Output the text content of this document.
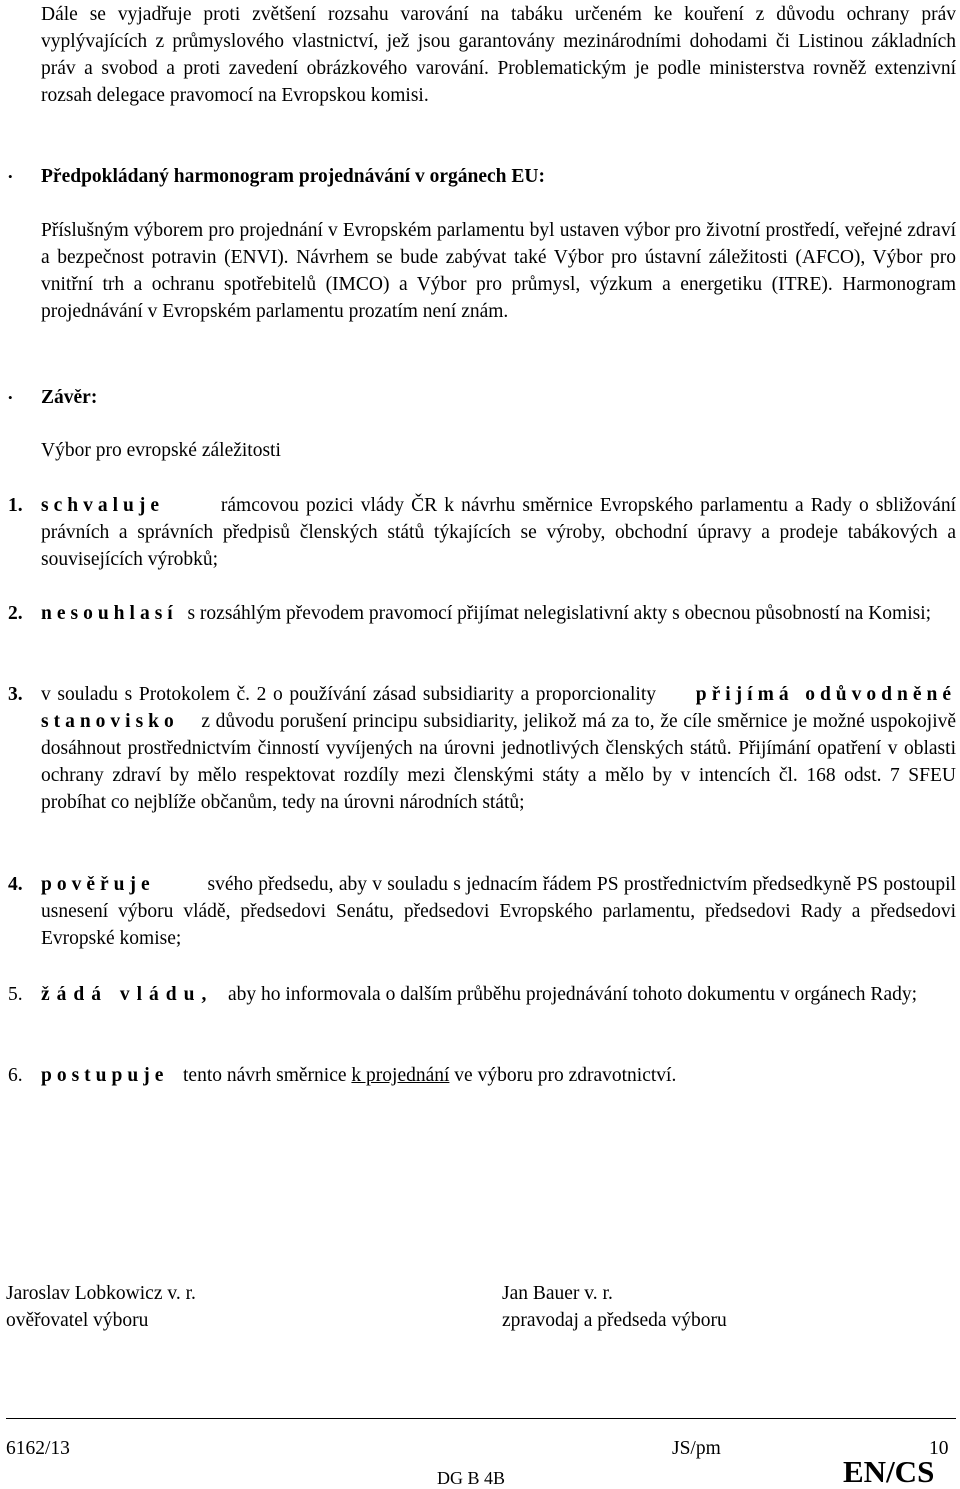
Dále se vyjadřuje proti zvětšení rozsahu varování na tabáku určeném ke kouření z důvodu ochrany práv vyplývajících z průmyslového vlastnictví, jež jsou garantovány mezinárodními dohodami či Listinou základních práv a svobod a proti zavedení obrázkového varování. Problematickým je podle ministerstva rovněž extenzivní rozsah delegace pravomocí na Evropskou komisi.
• Předpokládaný harmonogram projednávání v orgánech EU:
Příslušným výborem pro projednání v Evropském parlamentu byl ustaven výbor pro životní prostředí, veřejné zdraví a bezpečnost potravin (ENVI). Návrhem se bude zabývat také Výbor pro ústavní záležitosti (AFCO), Výbor pro vnitřní trh a ochranu spotřebitelů (IMCO) a Výbor pro průmysl, výzkum a energetiku (ITRE). Harmonogram projednávání v Evropském parlamentu prozatím není znám.
• Závěr:
Výbor pro evropské záležitosti
1. schvaluje	rámcovou pozici vlády ČR k návrhu směrnice Evropského parlamentu a Rady o sbližování právních a správních předpisů členských států týkajících se výroby, obchodní úpravy a prodeje tabákových a souvisejících výrobků;
2. nesouhlasí s rozsáhlým převodem pravomocí přijímat nelegislativní akty s obecnou působností na Komisi;
3. v souladu s Protokolem č. 2 o používání zásad subsidiarity a proporcionality přijímá odůvodněné stanovisko z důvodu porušení principu subsidiarity, jelikož má za to, že cíle směrnice je možné uspokojivě dosáhnout prostřednictvím činností vyvíjených na úrovni jednotlivých členských států. Přijímání opatření v oblasti ochrany zdraví by mělo respektovat rozdíly mezi členskými státy a mělo by v intencích čl. 168 odst. 7 SFEU probíhat co nejblíže občanům, tedy na úrovni národních států;
4. pověřuje	svého předsedu, aby v souladu s jednacím řádem PS prostřednictvím předsedkyně PS postoupil usnesení výboru vládě, předsedovi Senátu, předsedovi Evropského parlamentu, předsedovi Rady a předsedovi Evropské komise;
5. žádá vládu, aby ho informovala o dalším průběhu projednávání tohoto dokumentu v orgánech Rady;
6. postupuje tento návrh směrnice k projednání ve výboru pro zdravotnictví.
Jaroslav Lobkowicz v. r.
ověřovatel výboru
Jan Bauer v. r.
zpravodaj a předseda výboru
6162/13	JS/pm	10
DG B 4B	EN/CS
